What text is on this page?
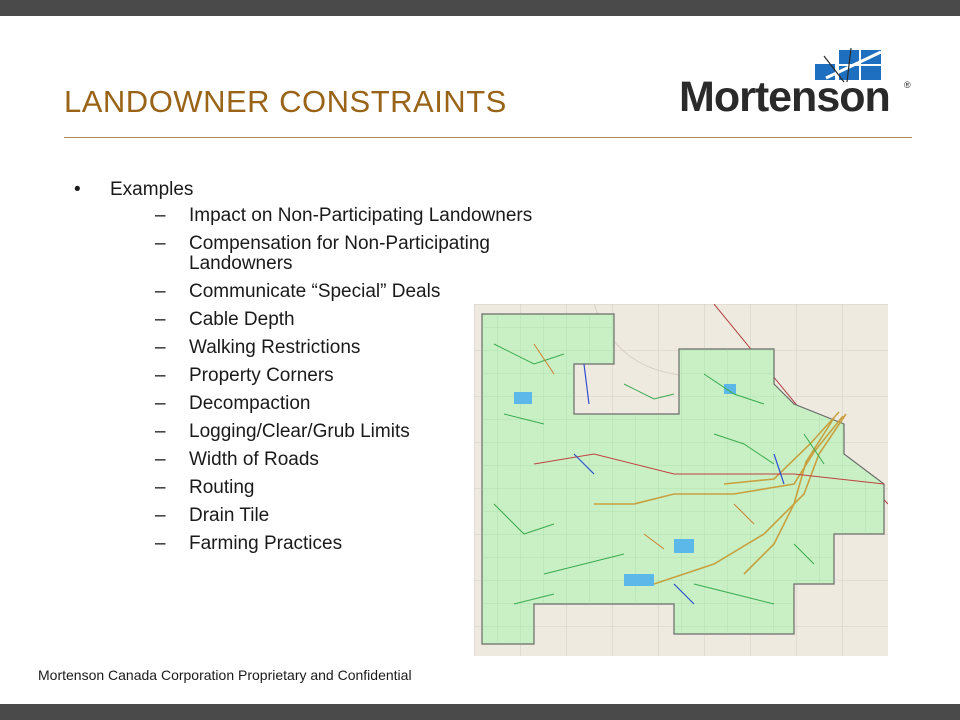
LANDOWNER CONSTRAINTS	Mortenson ®
• Examples
– Impact on Non-Participating Landowners
– Compensation for Non-Participating Landowners
– Communicate “Special” Deals
– Cable Depth
– Walking Restrictions
– Property Corners
– Decompaction
– Logging/Clear/Grub Limits
– Width of Roads
– Routing
– Drain Tile
– Farming Practices
Mortenson Canada Corporation Proprietary and Confidential
